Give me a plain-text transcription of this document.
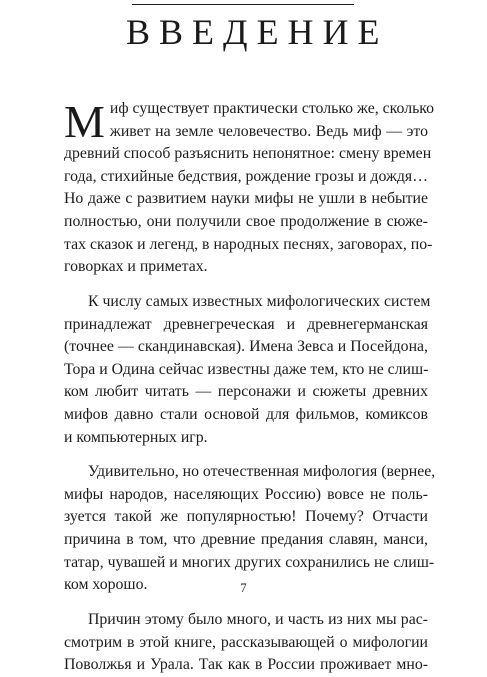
ВВЕДЕНИЕ
М иф существует практически столько же, сколько
живет на земле человечество. Ведь миф — это
древний способ разъяснить непонятное: смену времен
года, стихийные бедствия, рождение грозы и дождя…
Но даже с развитием науки мифы не ушли в небытие
полностью, они получили свое продолжение в сюже-
тах сказок и легенд, в народных песнях, заговорах, по-
говорках и приметах.
К числу самых известных мифологических систем
принадлежат древнегреческая и древнегерманская
(точнее — скандинавская). Имена Зевса и Посейдона,
Тора и Одина сейчас известны даже тем, кто не слиш-
ком любит читать — персонажи и сюжеты древних
мифов давно стали основой для фильмов, комиксов
и компьютерных игр.
Удивительно, но отечественная мифология (вернее,
мифы народов, населяющих Россию) вовсе не поль-
зуется такой же популярностью! Почему? Отчасти
причина в том, что древние предания славян, манси,
татар, чувашей и многих других сохранились не слиш-
ком хорошо.
Причин этому было много, и часть из них мы рас-
смотрим в этой книге, рассказывающей о мифологии
Поволжья и Урала. Так как в России проживает мно-
7
